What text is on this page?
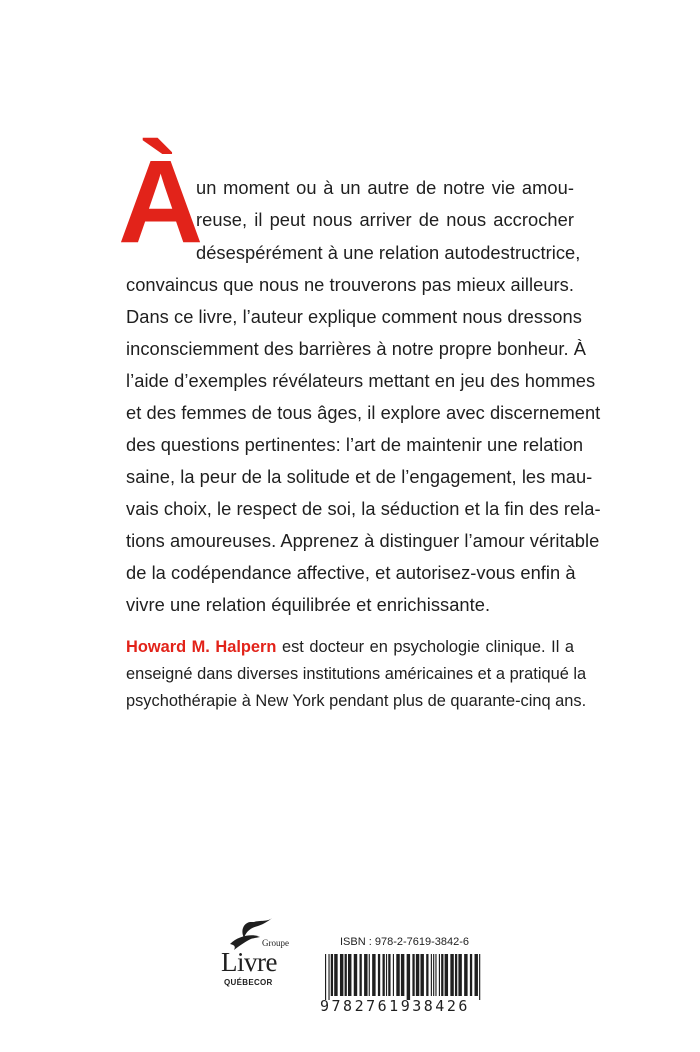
À
un moment ou à un autre de notre vie amou-
reuse, il peut nous arriver de nous accrocher
désespérément à une relation autodestructrice,
convaincus que nous ne trouverons pas mieux ailleurs.
Dans ce livre, l’auteur explique comment nous dressons
inconsciemment des barrières à notre propre bonheur. À
l’aide d’exemples révélateurs mettant en jeu des hommes
et des femmes de tous âges, il explore avec discernement
des questions pertinentes: l’art de maintenir une relation
saine, la peur de la solitude et de l’engagement, les mau-
vais choix, le respect de soi, la séduction et la fin des rela-
tions amoureuses. Apprenez à distinguer l’amour véritable
de la codépendance affective, et autorisez-vous enfin à
vivre une relation équilibrée et enrichissante.
Howard M. Halpern est docteur en psychologie clinique. Il a
enseigné dans diverses institutions américaines et a pratiqué la
psychothérapie à New York pendant plus de quarante-cinq ans.
Groupe
Livre
QUÉBECOR
ISBN : 978-2-7619-3842-6
9782761938426
